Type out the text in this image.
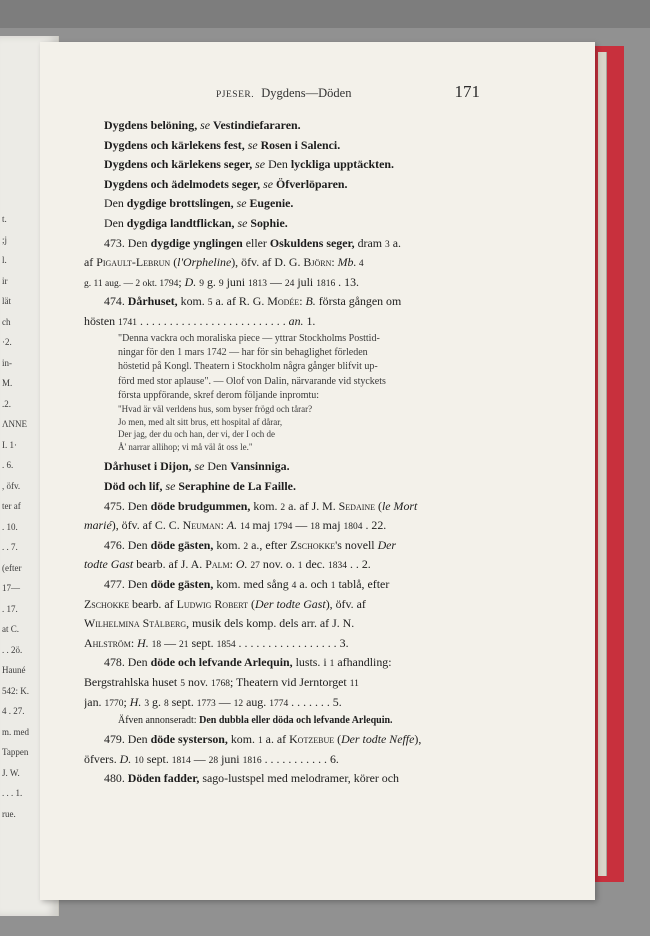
t.
;j
l.
ir
lät
ch
·2.
in-
M.
.2.
ΛΝΝΕ
I. 1·
. 6.
, öfv.
ter af
. 10.
. . 7.
(efter
17—
. 17.
at C.
. . 2ö.
Hauné
542: K.
4 . 27.
m. med
Tappen
J. W.
. . . 1.
rue.
PJESER. Dygdens—Döden	171
Dygdens belöning, se Vestindiefararen.
Dygdens och kärlekens fest, se Rosen i Salenci.
Dygdens och kärlekens seger, se Den lyckliga upptäckten.
Dygdens och ädelmodets seger, se Öfverlöparen.
Den dygdige brottslingen, se Eugenie.
Den dygdiga landtflickan, se Sophie.
473. Den dygdige ynglingen eller Oskuldens seger, dram 3 a.
af Pigault-Lebrun (l'Orpheline), öfv. af D. G. Björn: Mb. 4
g. 11 aug. — 2 okt. 1794; D. 9 g. 9 juni 1813 — 24 juli 1816 . 13.
474. Dårhuset, kom. 5 a. af R. G. Modée: B. första gången om
hösten 1741 . . . . . . . . . . . . . . . . . . . . . . . . . an. 1.
"Denna vackra och moraliska piece — yttrar Stockholms Posttid-
ningar för den 1 mars 1742 — har för sin behaglighet förleden
höstetid på Kongl. Theatern i Stockholm några gånger blifvit up-
förd med stor aplause". — Olof von Dalin, närvarande vid styckets
första uppförande, skref derom följande inpromtu:
"Hvad är väl verldens hus, som byser frögd och tårar?
Jo men, med alt sitt brus, ett hospital af dårar,
Der jag, der du och han, der vi, der I och de
Å' narrar allihop; vi må väl åt oss le."
Dårhuset i Dijon, se Den Vansinniga.
Död och lif, se Seraphine de La Faille.
475. Den döde brudgummen, kom. 2 a. af J. M. Sedaine (le Mort
marié), öfv. af C. C. Neuman: A. 14 maj 1794 — 18 maj 1804 . 22.
476. Den döde gästen, kom. 2 a., efter Zschokke's novell Der
todte Gast bearb. af J. A. Palm: O. 27 nov. o. 1 dec. 1834 . . 2.
477. Den döde gästen, kom. med sång 4 a. och 1 tablå, efter
Zschokke bearb. af Ludwig Robert (Der todte Gast), öfv. af
Wilhelmina Stålberg, musik dels komp. dels arr. af J. N.
Ahlström: H. 18 — 21 sept. 1854 . . . . . . . . . . . . . . . . . 3.
478. Den döde och lefvande Arlequin, lusts. i 1 afhandling:
Bergstrahlska huset 5 nov. 1768; Theatern vid Jerntorget 11
jan. 1770; H. 3 g. 8 sept. 1773 — 12 aug. 1774 . . . . . . . 5.
Äfven annonseradt: Den dubbla eller döda och lefvande Arlequin.
479. Den döde systerson, kom. 1 a. af Kotzebue (Der todte Neffe),
öfvers. D. 10 sept. 1814 — 28 juni 1816 . . . . . . . . . . . 6.
480. Döden fadder, sago-lustspel med melodramer, körer och
